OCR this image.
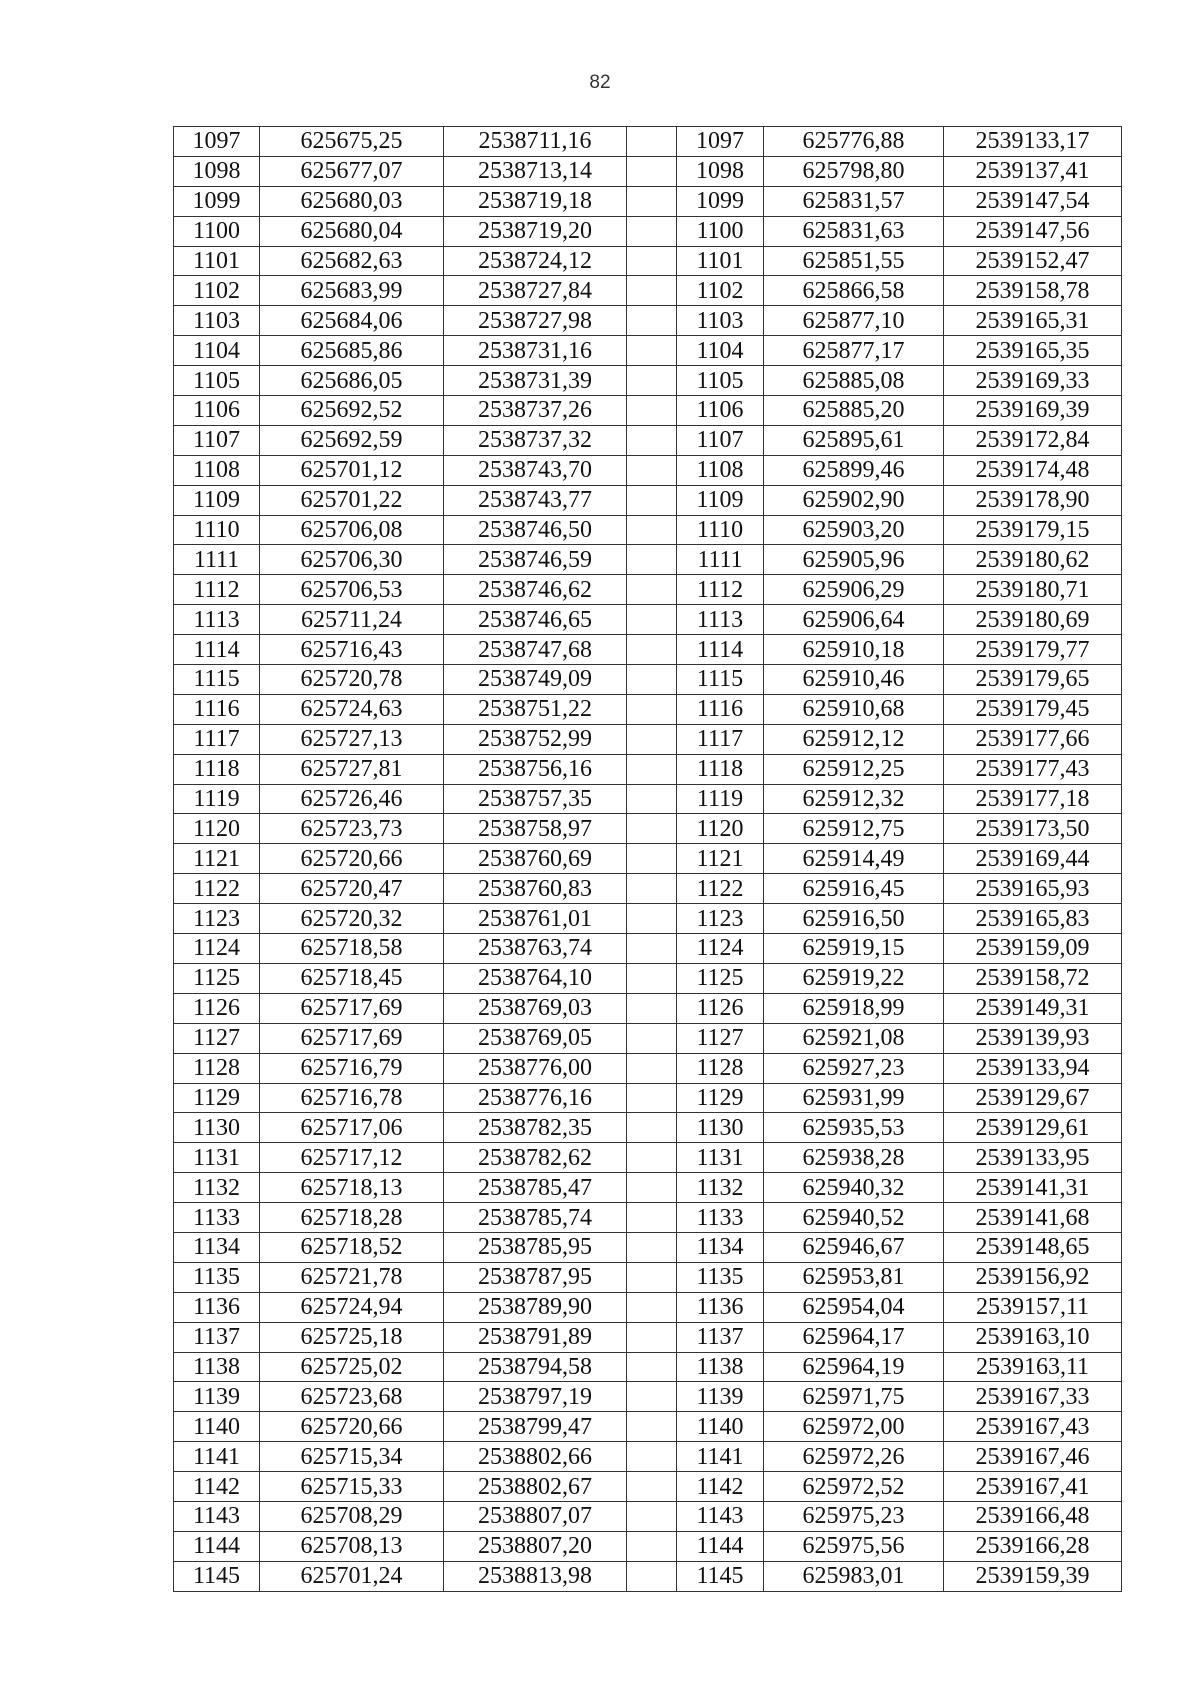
82
1097	625675,25	2538711,16		1097	625776,88	2539133,17
1098	625677,07	2538713,14		1098	625798,80	2539137,41
1099	625680,03	2538719,18		1099	625831,57	2539147,54
1100	625680,04	2538719,20		1100	625831,63	2539147,56
1101	625682,63	2538724,12		1101	625851,55	2539152,47
1102	625683,99	2538727,84		1102	625866,58	2539158,78
1103	625684,06	2538727,98		1103	625877,10	2539165,31
1104	625685,86	2538731,16		1104	625877,17	2539165,35
1105	625686,05	2538731,39		1105	625885,08	2539169,33
1106	625692,52	2538737,26		1106	625885,20	2539169,39
1107	625692,59	2538737,32		1107	625895,61	2539172,84
1108	625701,12	2538743,70		1108	625899,46	2539174,48
1109	625701,22	2538743,77		1109	625902,90	2539178,90
1110	625706,08	2538746,50		1110	625903,20	2539179,15
1111	625706,30	2538746,59		1111	625905,96	2539180,62
1112	625706,53	2538746,62		1112	625906,29	2539180,71
1113	625711,24	2538746,65		1113	625906,64	2539180,69
1114	625716,43	2538747,68		1114	625910,18	2539179,77
1115	625720,78	2538749,09		1115	625910,46	2539179,65
1116	625724,63	2538751,22		1116	625910,68	2539179,45
1117	625727,13	2538752,99		1117	625912,12	2539177,66
1118	625727,81	2538756,16		1118	625912,25	2539177,43
1119	625726,46	2538757,35		1119	625912,32	2539177,18
1120	625723,73	2538758,97		1120	625912,75	2539173,50
1121	625720,66	2538760,69		1121	625914,49	2539169,44
1122	625720,47	2538760,83		1122	625916,45	2539165,93
1123	625720,32	2538761,01		1123	625916,50	2539165,83
1124	625718,58	2538763,74		1124	625919,15	2539159,09
1125	625718,45	2538764,10		1125	625919,22	2539158,72
1126	625717,69	2538769,03		1126	625918,99	2539149,31
1127	625717,69	2538769,05		1127	625921,08	2539139,93
1128	625716,79	2538776,00		1128	625927,23	2539133,94
1129	625716,78	2538776,16		1129	625931,99	2539129,67
1130	625717,06	2538782,35		1130	625935,53	2539129,61
1131	625717,12	2538782,62		1131	625938,28	2539133,95
1132	625718,13	2538785,47		1132	625940,32	2539141,31
1133	625718,28	2538785,74		1133	625940,52	2539141,68
1134	625718,52	2538785,95		1134	625946,67	2539148,65
1135	625721,78	2538787,95		1135	625953,81	2539156,92
1136	625724,94	2538789,90		1136	625954,04	2539157,11
1137	625725,18	2538791,89		1137	625964,17	2539163,10
1138	625725,02	2538794,58		1138	625964,19	2539163,11
1139	625723,68	2538797,19		1139	625971,75	2539167,33
1140	625720,66	2538799,47		1140	625972,00	2539167,43
1141	625715,34	2538802,66		1141	625972,26	2539167,46
1142	625715,33	2538802,67		1142	625972,52	2539167,41
1143	625708,29	2538807,07		1143	625975,23	2539166,48
1144	625708,13	2538807,20		1144	625975,56	2539166,28
1145	625701,24	2538813,98		1145	625983,01	2539159,39
